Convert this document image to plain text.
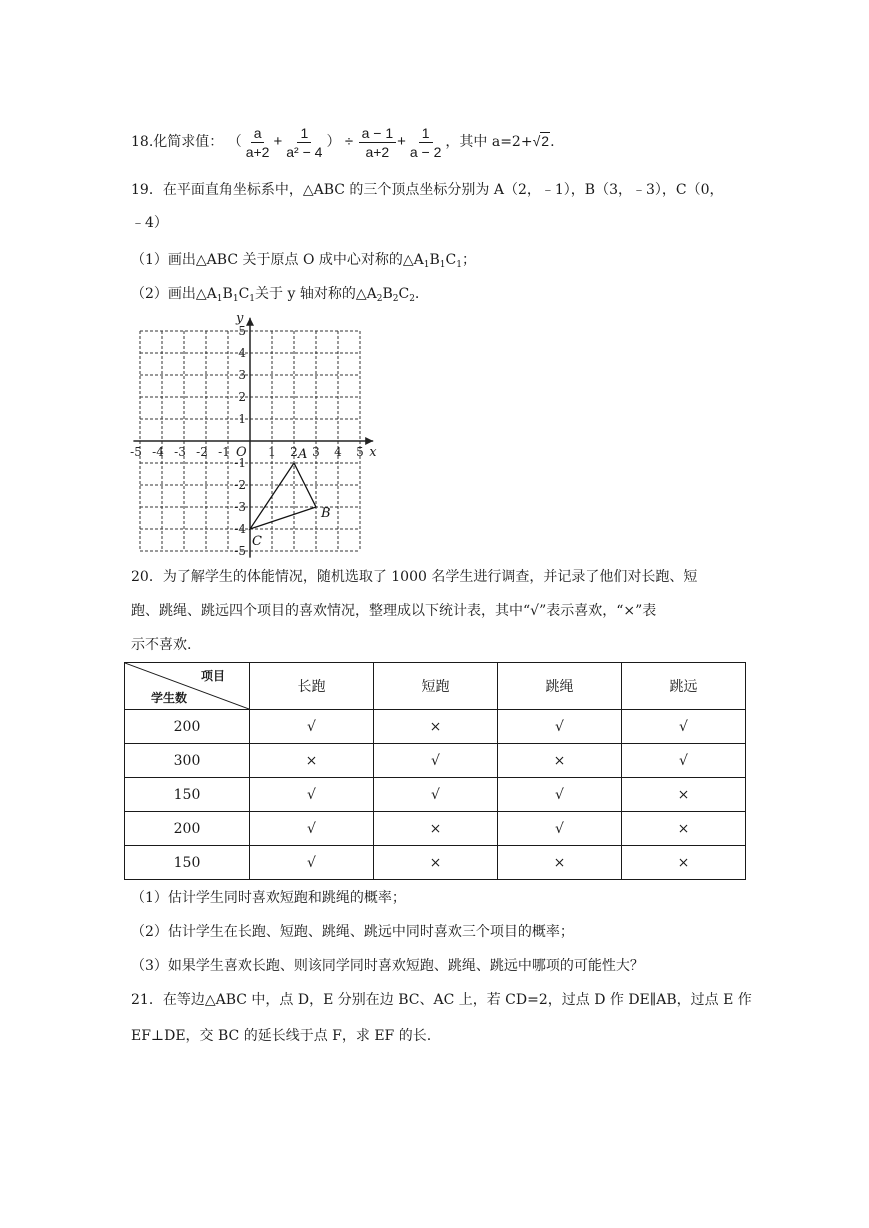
18.化简求值： （ $\frac{a}{a+2} + \frac{1}{\text{a² − 4}}$ ） ÷ $\frac{a - 1}{a+2} + \frac{1}{a - 2}$ ，其中 a=2+√2.
19．在平面直角坐标系中，△ABC 的三个顶点坐标分别为 A（2，﹣1），B（3，﹣3），C（0，
﹣4）
（1）画出△ABC 关于原点 O 成中心对称的$\triangle A_1B_1C_1$；
（2）画出$\triangle A_1B_1C_1$关于 y 轴对称的$\triangle A_2B_2C_2$.
-5 -4 -3 -2 -1	1 2 3 4 5
5
4
3
2
1
-1
-2
-3
-4
-5
O	x
y
A
B
C
20．为了解学生的体能情况，随机选取了 1000 名学生进行调查，并记录了他们对长跑、短
跑、跳绳、跳远四个项目的喜欢情况，整理成以下统计表，其中“√”表示喜欢，“×”表
示不喜欢.
项目
学生数	长跑	短跑	跳绳	跳远
200	√	×	√	√
300	×	√	×	√
150	√	√	√	×
200	√	×	√	×
150	√	×	×	×
（1）估计学生同时喜欢短跑和跳绳的概率；
（2）估计学生在长跑、短跑、跳绳、跳远中同时喜欢三个项目的概率；
（3）如果学生喜欢长跑、则该同学同时喜欢短跑、跳绳、跳远中哪项的可能性大？
21．在等边△ABC 中，点 D，E 分别在边 BC、AC 上，若 CD=2，过点 D 作 DE∥AB，过点 E 作
EF⊥DE，交 BC 的延长线于点 F，求 EF 的长.
